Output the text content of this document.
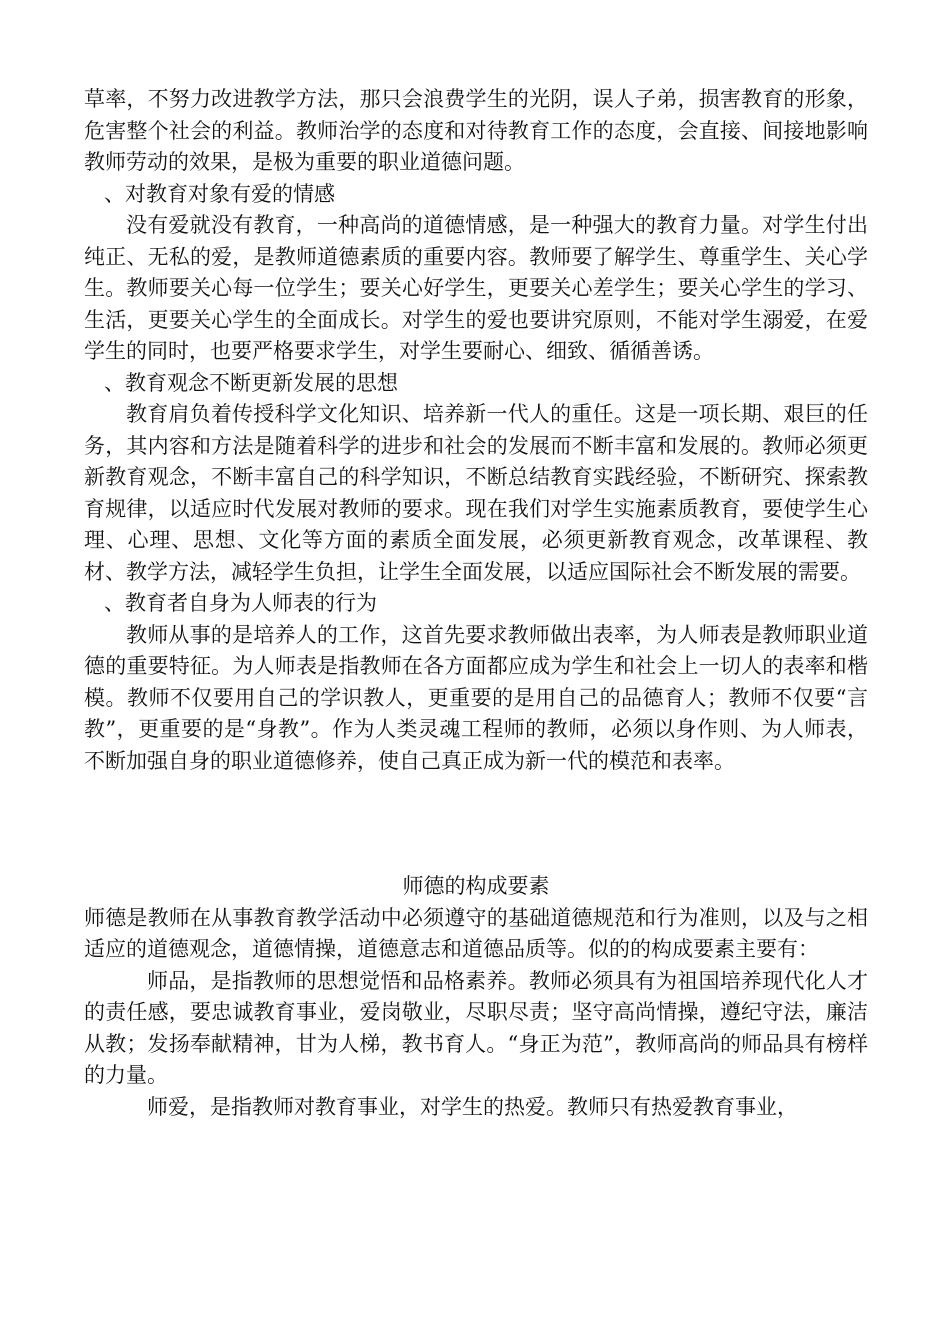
草率，不努力改进教学方法，那只会浪费学生的光阴，误人子弟，损害教育的形象，危害整个社会的利益。教师治学的态度和对待教育工作的态度，会直接、间接地影响教师劳动的效果，是极为重要的职业道德问题。

、对教育对象有爱的情感

没有爱就没有教育，一种高尚的道德情感，是一种强大的教育力量。对学生付出纯正、无私的爱，是教师道德素质的重要内容。教师要了解学生、尊重学生、关心学生。教师要关心每一位学生；要关心好学生，更要关心差学生；要关心学生的学习、生活，更要关心学生的全面成长。对学生的爱也要讲究原则，不能对学生溺爱，在爱学生的同时，也要严格要求学生，对学生要耐心、细致、循循善诱。

、教育观念不断更新发展的思想

教育肩负着传授科学文化知识、培养新一代人的重任。这是一项长期、艰巨的任务，其内容和方法是随着科学的进步和社会的发展而不断丰富和发展的。教师必须更新教育观念，不断丰富自己的科学知识，不断总结教育实践经验，不断研究、探索教育规律，以适应时代发展对教师的要求。现在我们对学生实施素质教育，要使学生心理、心理、思想、文化等方面的素质全面发展，必须更新教育观念，改革课程、教材、教学方法，减轻学生负担，让学生全面发展，以适应国际社会不断发展的需要。

、教育者自身为人师表的行为

教师从事的是培养人的工作，这首先要求教师做出表率，为人师表是教师职业道德的重要特征。为人师表是指教师在各方面都应成为学生和社会上一切人的表率和楷模。教师不仅要用自己的学识教人，更重要的是用自己的品德育人；教师不仅要“言教”，更重要的是“身教”。作为人类灵魂工程师的教师，必须以身作则、为人师表，不断加强自身的职业道德修养，使自己真正成为新一代的模范和表率。

师德的构成要素

师德是教师在从事教育教学活动中必须遵守的基础道德规范和行为准则，以及与之相适应的道德观念，道德情操，道德意志和道德品质等。似的的构成要素主要有：

师品，是指教师的思想觉悟和品格素养。教师必须具有为祖国培养现代化人才的责任感，要忠诚教育事业，爱岗敬业，尽职尽责；坚守高尚情操，遵纪守法，廉洁从教；发扬奉献精神，甘为人梯，教书育人。“身正为范”，教师高尚的师品具有榜样的力量。

师爱，是指教师对教育事业，对学生的热爱。教师只有热爱教育事业，
